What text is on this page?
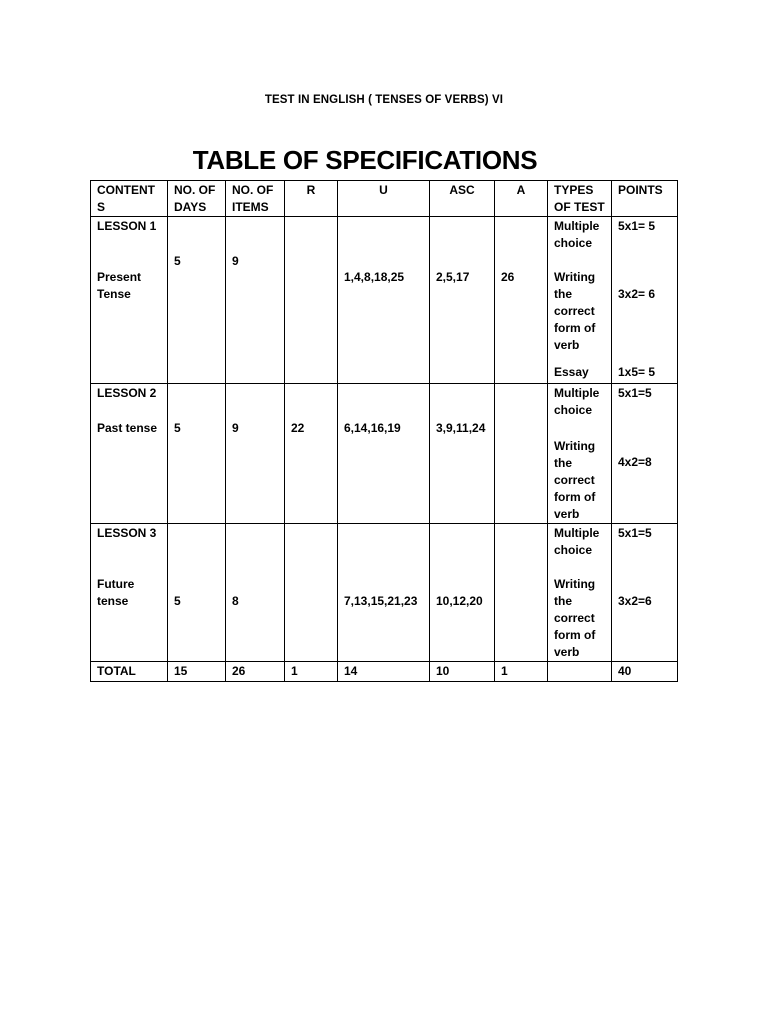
TEST IN ENGLISH ( TENSES OF VERBS) VI
TABLE OF SPECIFICATIONS
CONTENTS	NO. OF DAYS	NO. OF ITEMS	R	U	ASC	A	TYPES OF TEST	POINTS
LESSON 1							Multiple choice	5x1= 5
Present Tense	5	9		1,4,8,18,25	2,5,17	26	Writing the correct form of verb	3x2= 6
							Essay	1x5= 5
LESSON 2							Multiple choice	5x1=5
Past tense	5	9	22	6,14,16,19	3,9,11,24			
							Writing the correct form of verb	4x2=8
LESSON 3							Multiple choice	5x1=5
Future tense	5	8		7,13,15,21,23	10,12,20		Writing the correct form of verb	3x2=6
TOTAL	15	26	1	14	10	1		40
